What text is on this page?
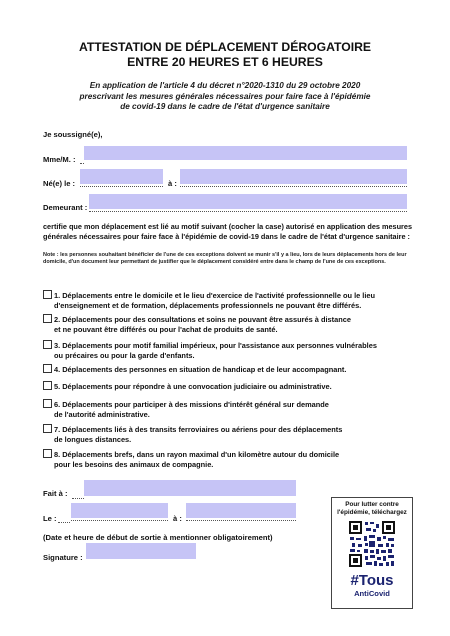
ATTESTATION DE DÉPLACEMENT DÉROGATOIRE
ENTRE 20 HEURES ET 6 HEURES
En application de l'article 4 du décret n°2020-1310 du 29 octobre 2020
prescrivant les mesures générales nécessaires pour faire face à l'épidémie
de covid-19 dans le cadre de l'état d'urgence sanitaire
Je soussigné(e),
Mme/M. :
Né(e) le :	à :
Demeurant :
certifie que mon déplacement est lié au motif suivant (cocher la case) autorisé en application des mesures générales nécessaires pour faire face à l'épidémie de covid-19 dans le cadre de l'état d'urgence sanitaire :
Note : les personnes souhaitant bénéficier de l'une de ces exceptions doivent se munir s'il y a lieu, lors de leurs déplacements hors de leur domicile, d'un document leur permettant de justifier que le déplacement considéré entre dans le champ de l'une de ces exceptions.
1. Déplacements entre le domicile et le lieu d'exercice de l'activité professionnelle ou le lieu
d'enseignement et de formation, déplacements professionnels ne pouvant être différés.
2. Déplacements pour des consultations et soins ne pouvant être assurés à distance
et ne pouvant être différés ou pour l'achat de produits de santé.
3. Déplacements pour motif familial impérieux, pour l'assistance aux personnes vulnérables
ou précaires ou pour la garde d'enfants.
4. Déplacements des personnes en situation de handicap et de leur accompagnant.
5. Déplacements pour répondre à une convocation judiciaire ou administrative.
6. Déplacements pour participer à des missions d'intérêt général sur demande
de l'autorité administrative.
7. Déplacements liés à des transits ferroviaires ou aériens pour des déplacements
de longues distances.
8. Déplacements brefs, dans un rayon maximal d'un kilomètre autour du domicile
pour les besoins des animaux de compagnie.
Fait à :
Le :	à :
(Date et heure de début de sortie à mentionner obligatoirement)
Signature :
Pour lutter contre
l'épidémie, téléchargez
#Tous
AntiCovid
